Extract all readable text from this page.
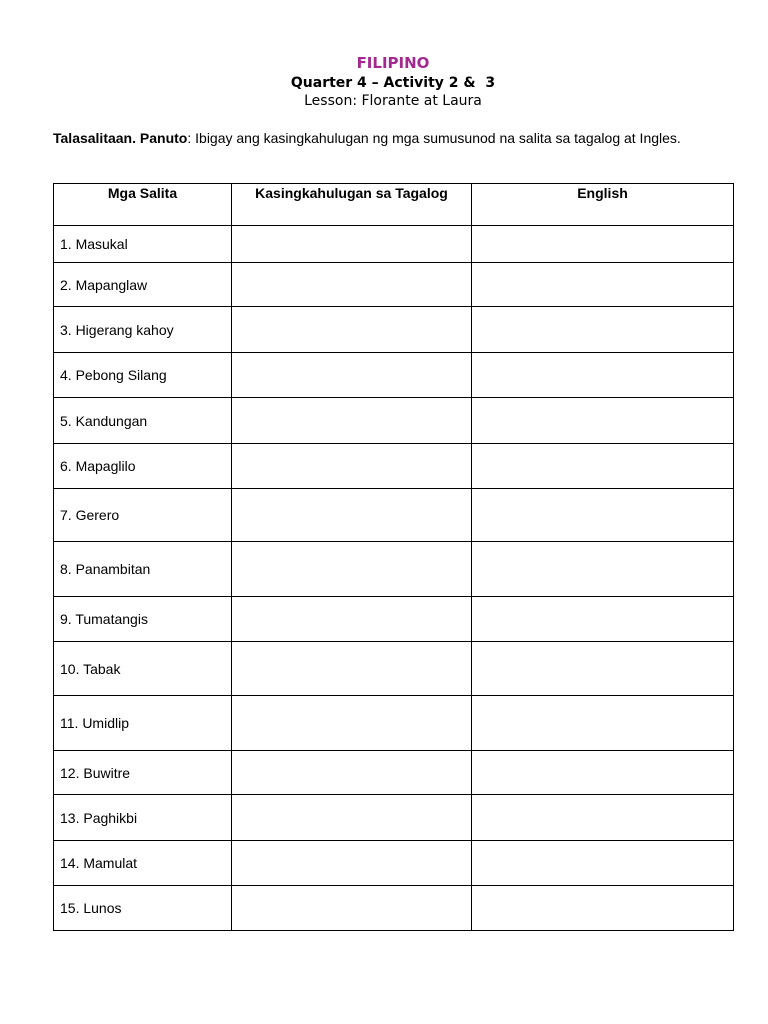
FILIPINO
Quarter 4 – Activity 2 &  3
Lesson: Florante at Laura
Talasalitaan. Panuto: Ibigay ang kasingkahulugan ng mga sumusunod na salita sa tagalog at Ingles.
Mga Salita	Kasingkahulugan sa Tagalog	English
1. Masukal		
2. Mapanglaw		
3. Higerang kahoy		
4. Pebong Silang		
5. Kandungan		
6. Mapaglilo		
7. Gerero		
8. Panambitan		
9. Tumatangis		
10. Tabak		
11. Umidlip		
12. Buwitre		
13. Paghikbi		
14. Mamulat		
15. Lunos		
